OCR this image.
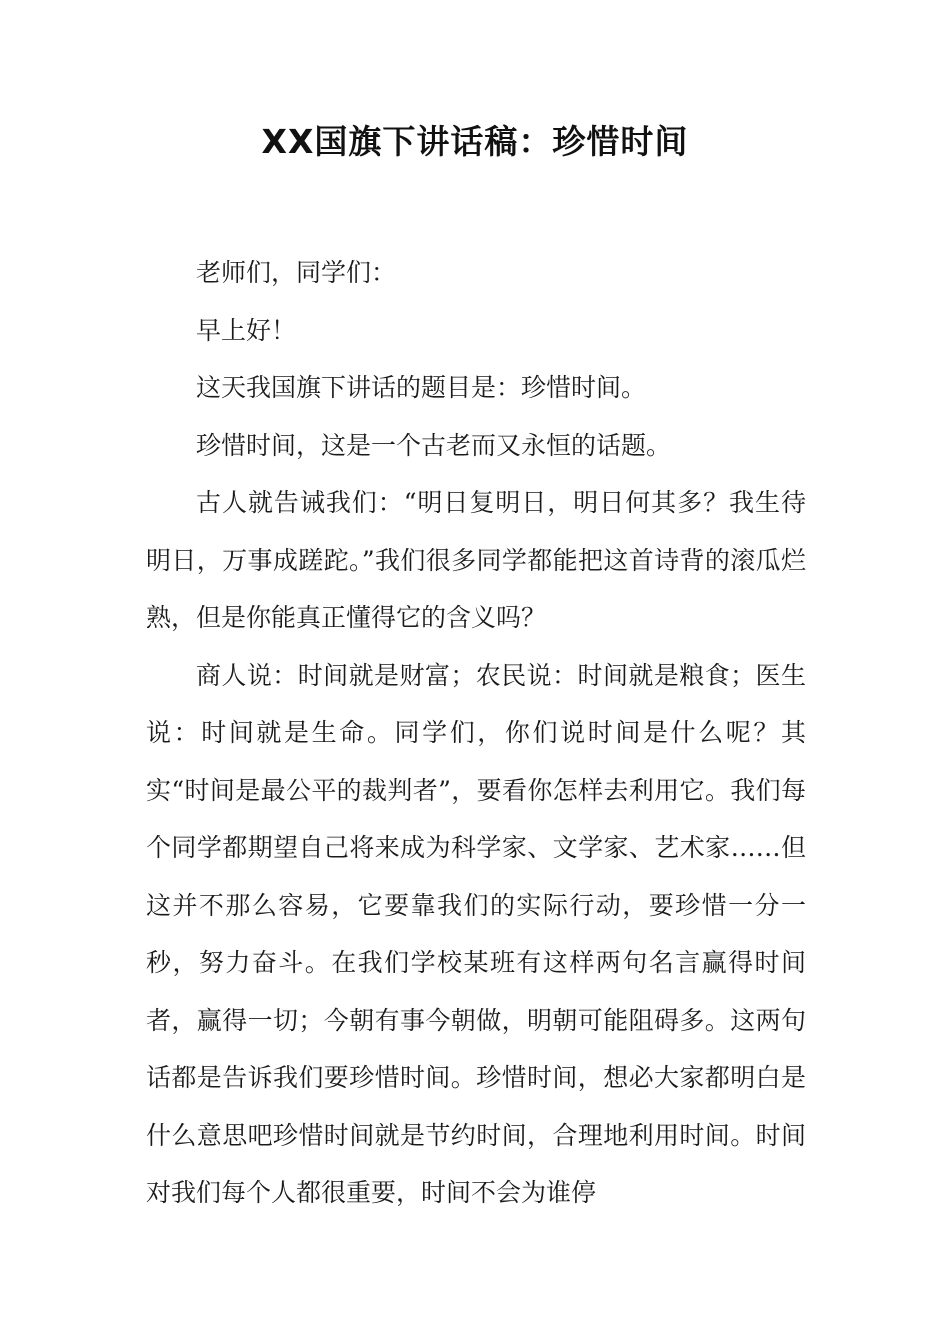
XX国旗下讲话稿：珍惜时间

老师们，同学们：

早上好！

这天我国旗下讲话的题目是：珍惜时间。

珍惜时间，这是一个古老而又永恒的话题。

古人就告诫我们：“明日复明日，明日何其多？我生待明日，万事成蹉跎。”我们很多同学都能把这首诗背的滚瓜烂熟，但是你能真正懂得它的含义吗？

商人说：时间就是财富；农民说：时间就是粮食；医生说：时间就是生命。同学们，你们说时间是什么呢？其实“时间是最公平的裁判者”，要看你怎样去利用它。我们每个同学都期望自己将来成为科学家、文学家、艺术家……但这并不那么容易，它要靠我们的实际行动，要珍惜一分一秒，努力奋斗。在我们学校某班有这样两句名言赢得时间者，赢得一切；今朝有事今朝做，明朝可能阻碍多。这两句话都是告诉我们要珍惜时间。珍惜时间，想必大家都明白是什么意思吧珍惜时间就是节约时间，合理地利用时间。时间对我们每个人都很重要，时间不会为谁停
